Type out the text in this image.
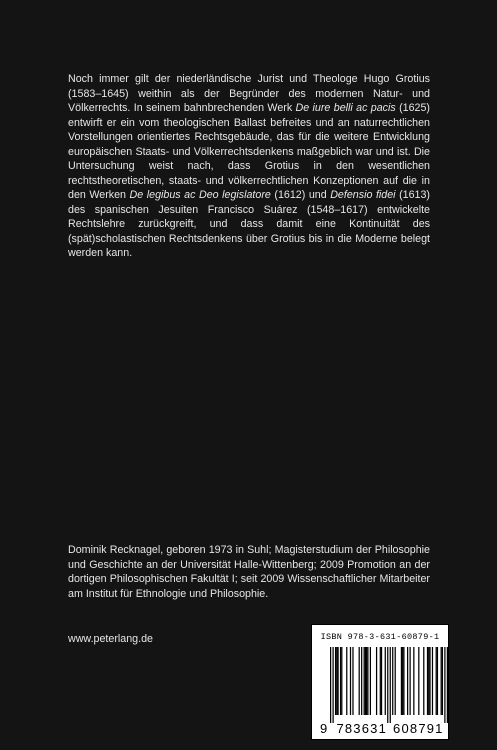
Noch immer gilt der niederländische Jurist und Theologe Hugo Grotius (1583–1645) weithin als der Begründer des modernen Natur- und Völkerrechts. In seinem bahnbrechenden Werk De iure belli ac pacis (1625) entwirft er ein vom theologischen Ballast befreites und an naturrechtlichen Vorstellungen orientiertes Rechtsgebäude, das für die weitere Entwicklung europäischen Staats- und Völkerrechtsdenkens maßgeblich war und ist. Die Untersuchung weist nach, dass Grotius in den wesentlichen rechtstheoretischen, staats- und völkerrechtlichen Konzeptionen auf die in den Werken De legibus ac Deo legislatore (1612) und Defensio fidei (1613) des spanischen Jesuiten Francisco Suárez (1548–1617) entwickelte Rechtslehre zurückgreift, und dass damit eine Kontinuität des (spät)scholastischen Rechtsdenkens über Grotius bis in die Moderne belegt werden kann.

Dominik Recknagel, geboren 1973 in Suhl; Magisterstudium der Philosophie und Geschichte an der Universität Halle-Wittenberg; 2009 Promotion an der dortigen Philosophischen Fakultät I; seit 2009 Wissenschaftlicher Mitarbeiter am Institut für Ethnologie und Philosophie.

www.peterlang.de	ISBN 978-3-631-60879-1
9 783631 608791
